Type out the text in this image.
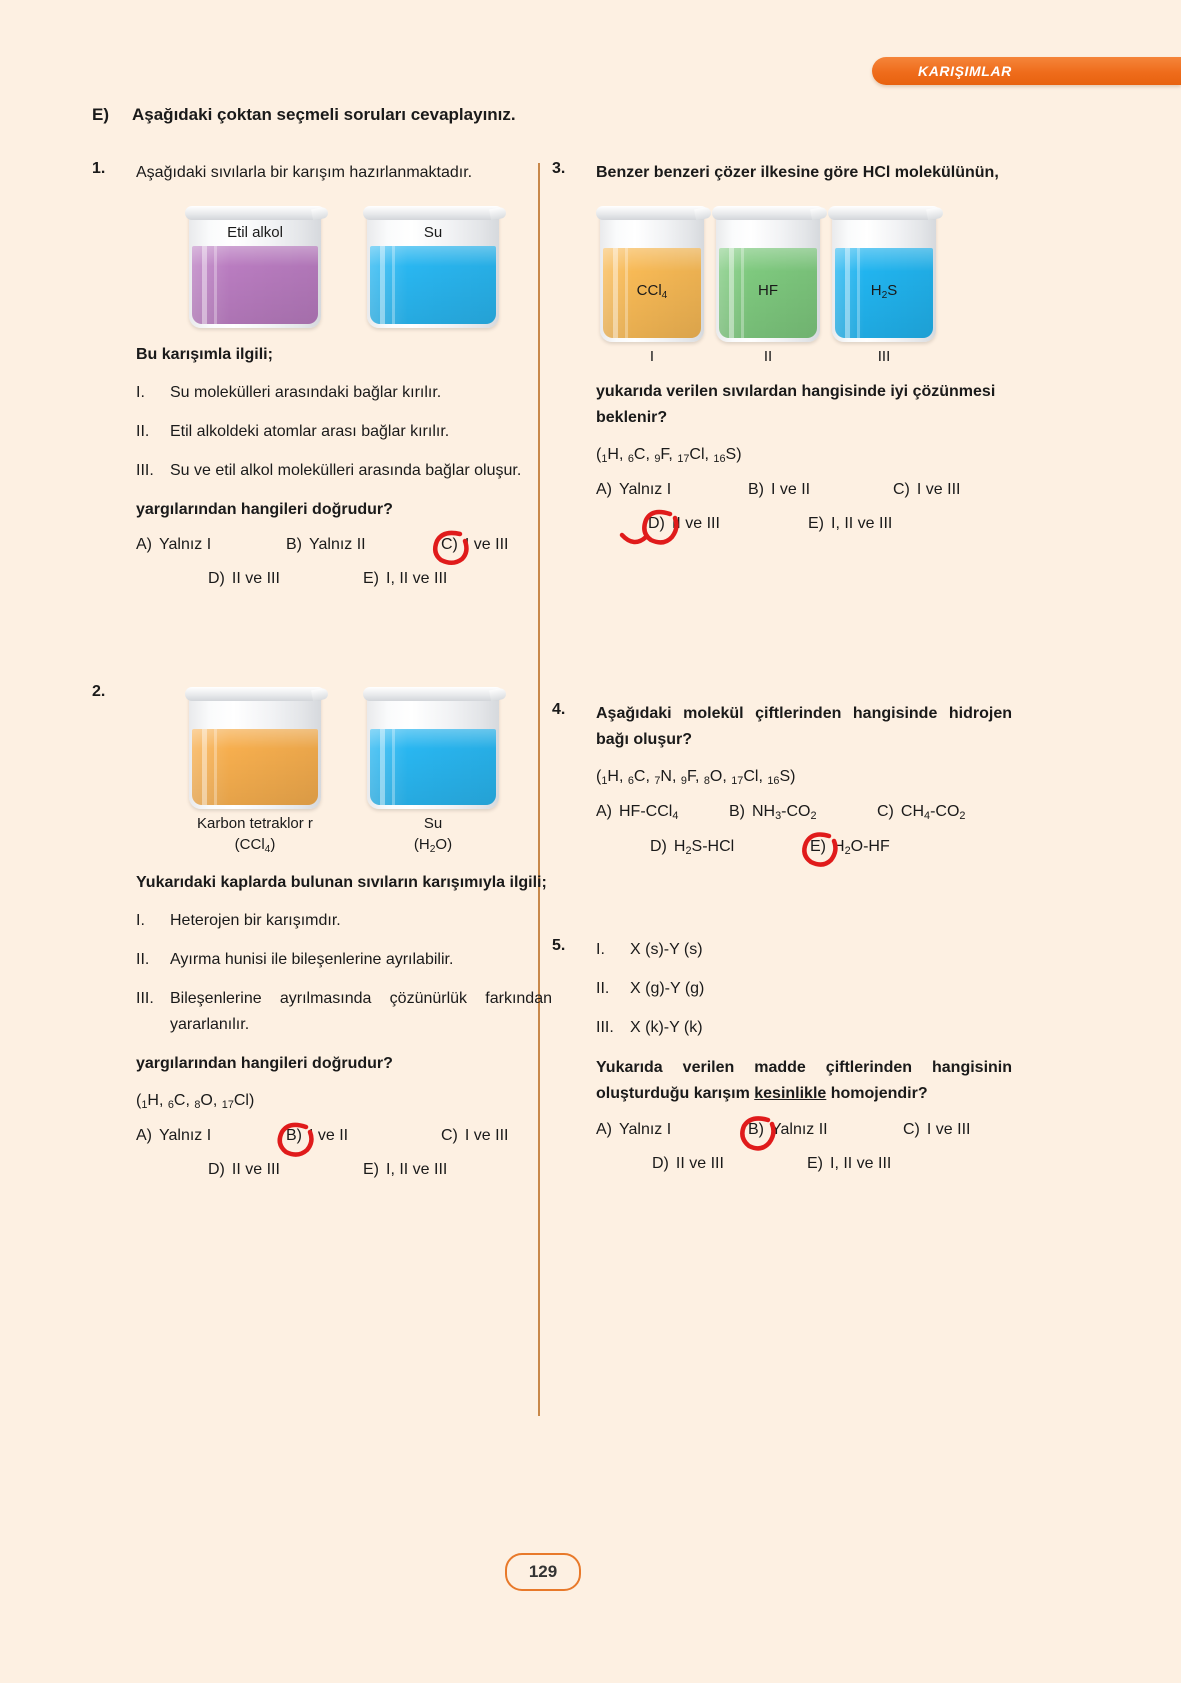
KARIŞIMLAR
E) Aşağıdaki çoktan seçmeli soruları cevaplayınız.
1.	Aşağıdaki sıvılarla bir karışım hazırlanmaktadır.
Etil alkol	Su
Bu karışımla ilgili;
I.	Su molekülleri arasındaki bağlar kırılır.
II.	Etil alkoldeki atomlar arası bağlar kırılır.
III.	Su ve etil alkol molekülleri arasında bağlar oluşur.
yargılarından hangileri doğrudur?
A) Yalnız I	B) Yalnız II	C) I ve III
D) II ve III	E) I, II ve III
2.
Karbon tetraklor r
(CCl$_4$)
Su
$(H_2O)$
Yukarıdaki kaplarda bulunan sıvıların karışımıyla ilgili;
I.	Heterojen bir karışımdır.
II.	Ayırma hunisi ile bileşenlerine ayrılabilir.
III.	Bileşenlerine ayrılmasında çözünürlük farkından yararlanılır.
yargılarından hangileri doğrudur?
(1H, 6C, 8O, 17Cl)
A) Yalnız I	B) I ve II	C) I ve III
D) II ve III	E) I, II ve III
3.	Benzer benzeri çözer ilkesine göre HCl molekülünün,
CCl$_4$
I
HF
II
$H_2S$
III
yukarıda verilen sıvılardan hangisinde iyi çözünmesi beklenir?
(1H, 6C, 9F, 17Cl, 16S)
A) Yalnız I	B) I ve II	C) I ve III
D) II ve III	E) I, II ve III
4.	Aşağıdaki molekül çiftlerinden hangisinde hidrojen bağı oluşur?
(1H, 6C, 7N, 9F, 8O, 17Cl, 16S)
A) HF-CCl$_4$	B) $NH_3-CO_2$	C) $CH_4-CO_2$
D) $H_2S$-HCl	E) $H_2O-HF$
5.	I.	X (s)-Y (s)
II.	X (g)-Y (g)
III.	X (k)-Y (k)
Yukarıda verilen madde çiftlerinden hangisinin oluşturduğu karışım kesinlikle homojendir?
A) Yalnız I	B) Yalnız II	C) I ve III
D) II ve III	E) I, II ve III
129
